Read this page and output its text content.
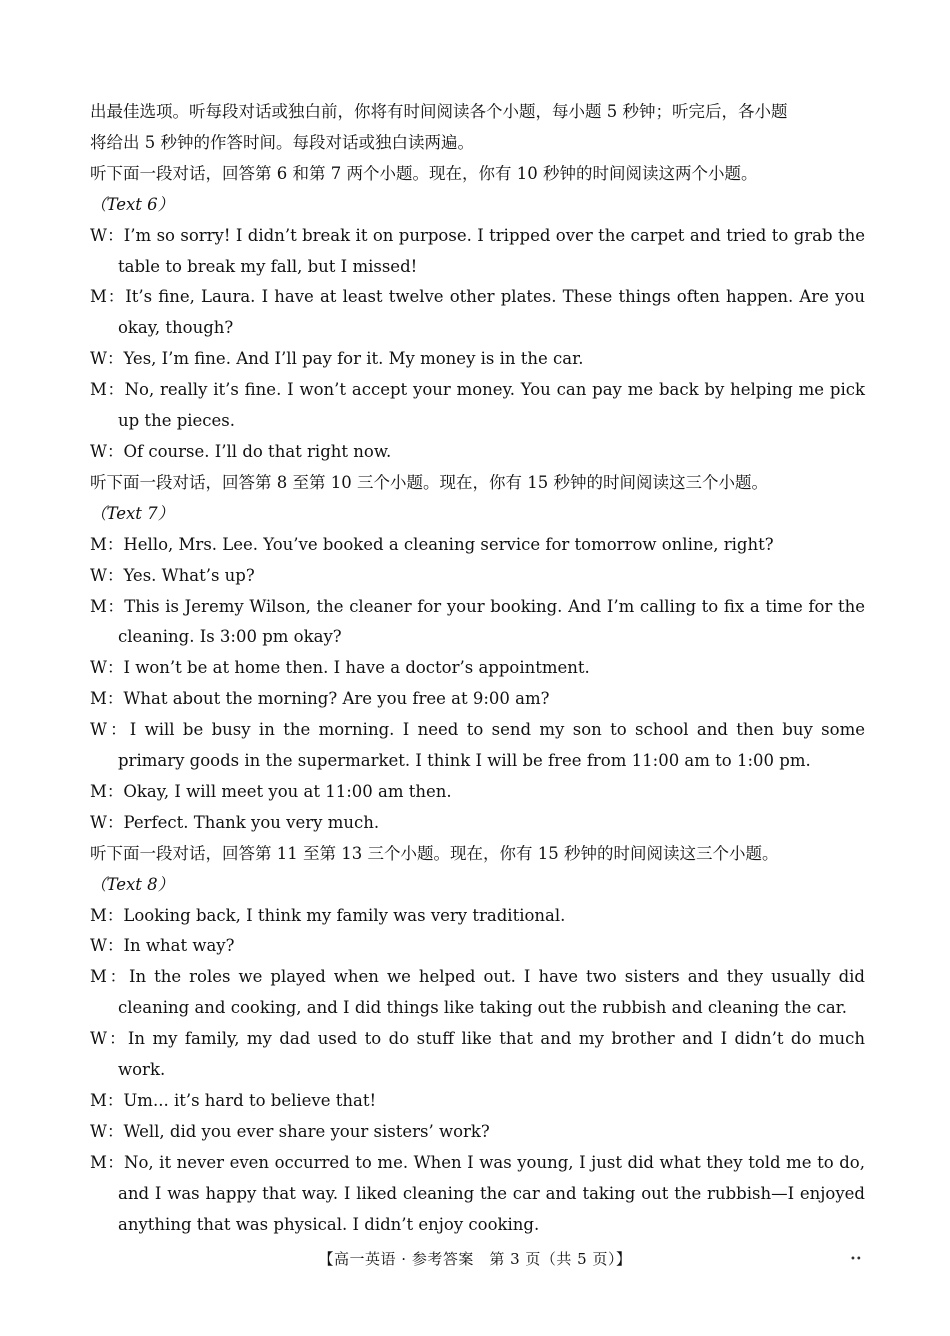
出最佳选项。听每段对话或独白前，你将有时间阅读各个小题，每小题 5 秒钟；听完后，各小题
将给出 5 秒钟的作答时间。每段对话或独白读两遍。
听下面一段对话，回答第 6 和第 7 两个小题。现在，你有 10 秒钟的时间阅读这两个小题。
（Text 6）
W：I’m so sorry! I didn’t break it on purpose. I tripped over the carpet and tried to grab the table to break my fall, but I missed!
M：It’s fine, Laura. I have at least twelve other plates. These things often happen. Are you okay, though?
W：Yes, I’m fine. And I’ll pay for it. My money is in the car.
M：No, really it’s fine. I won’t accept your money. You can pay me back by helping me pick up the pieces.
W：Of course. I’ll do that right now.
听下面一段对话，回答第 8 至第 10 三个小题。现在，你有 15 秒钟的时间阅读这三个小题。
（Text 7）
M：Hello, Mrs. Lee. You’ve booked a cleaning service for tomorrow online, right?
W：Yes. What’s up?
M：This is Jeremy Wilson, the cleaner for your booking. And I’m calling to fix a time for the cleaning. Is 3:00 pm okay?
W：I won’t be at home then. I have a doctor’s appointment.
M：What about the morning? Are you free at 9:00 am?
W：I will be busy in the morning. I need to send my son to school and then buy some primary goods in the supermarket. I think I will be free from 11:00 am to 1:00 pm.
M：Okay, I will meet you at 11:00 am then.
W：Perfect. Thank you very much.
听下面一段对话，回答第 11 至第 13 三个小题。现在，你有 15 秒钟的时间阅读这三个小题。
（Text 8）
M：Looking back, I think my family was very traditional.
W：In what way?
M：In the roles we played when we helped out. I have two sisters and they usually did cleaning and cooking, and I did things like taking out the rubbish and cleaning the car.
W：In my family, my dad used to do stuff like that and my brother and I didn’t do much work.
M：Um... it’s hard to believe that!
W：Well, did you ever share your sisters’ work?
M：No, it never even occurred to me. When I was young, I just did what they told me to do, and I was happy that way. I liked cleaning the car and taking out the rubbish—I enjoyed anything that was physical. I didn’t enjoy cooking.
【高一英语 · 参考答案　第 3 页（共 5 页）】	••
